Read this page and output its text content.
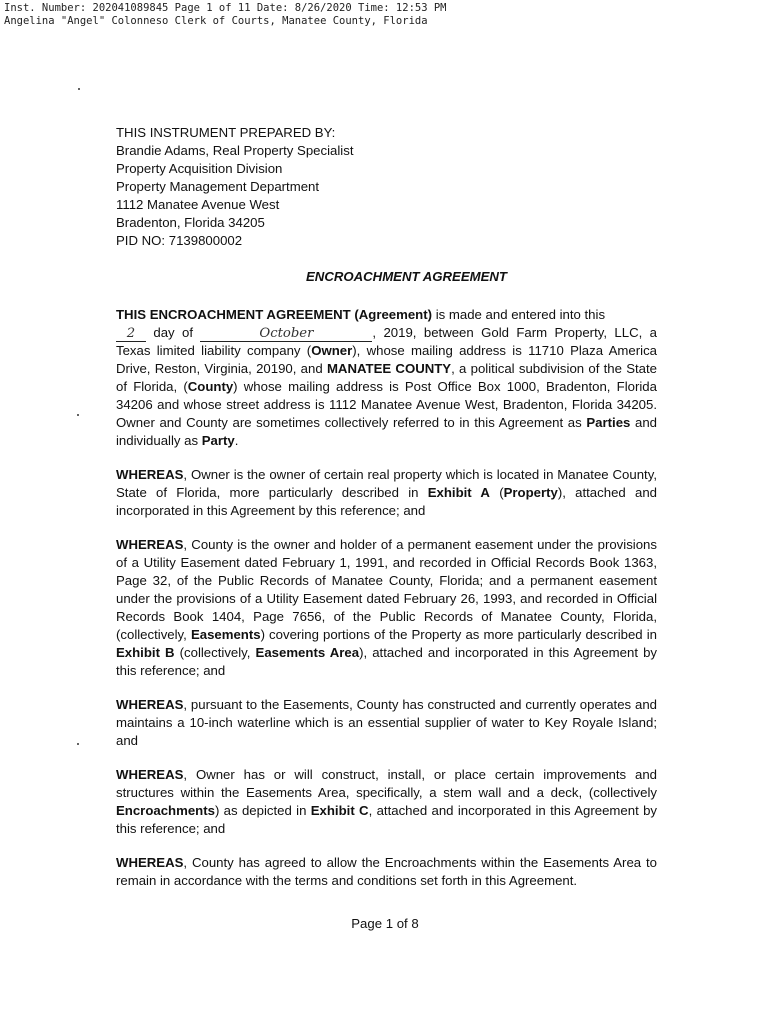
Inst. Number: 202041089845 Page 1 of 11 Date: 8/26/2020 Time: 12:53 PM
Angelina "Angel" Colonneso Clerk of Courts, Manatee County, Florida
THIS INSTRUMENT PREPARED BY:
Brandie Adams, Real Property Specialist
Property Acquisition Division
Property Management Department
1112 Manatee Avenue West
Bradenton, Florida 34205
PID NO: 7139800002
ENCROACHMENT AGREEMENT

THIS ENCROACHMENT AGREEMENT (Agreement) is made and entered into this
2 day of	October	, 2019, between Gold Farm Property, LLC, a Texas limited liability company (Owner), whose mailing address is 11710 Plaza America Drive, Reston, Virginia, 20190, and MANATEE COUNTY, a political subdivision of the State of Florida, (County) whose mailing address is Post Office Box 1000, Bradenton, Florida 34206 and whose street address is 1112 Manatee Avenue West, Bradenton, Florida 34205. Owner and County are sometimes collectively referred to in this Agreement as Parties and individually as Party.

WHEREAS, Owner is the owner of certain real property which is located in Manatee County, State of Florida, more particularly described in Exhibit A (Property), attached and incorporated in this Agreement by this reference; and

WHEREAS, County is the owner and holder of a permanent easement under the provisions of a Utility Easement dated February 1, 1991, and recorded in Official Records Book 1363, Page 32, of the Public Records of Manatee County, Florida; and a permanent easement under the provisions of a Utility Easement dated February 26, 1993, and recorded in Official Records Book 1404, Page 7656, of the Public Records of Manatee County, Florida, (collectively, Easements) covering portions of the Property as more particularly described in Exhibit B (collectively, Easements Area), attached and incorporated in this Agreement by this reference; and

WHEREAS, pursuant to the Easements, County has constructed and currently operates and maintains a 10-inch waterline which is an essential supplier of water to Key Royale Island; and

WHEREAS, Owner has or will construct, install, or place certain improvements and structures within the Easements Area, specifically, a stem wall and a deck, (collectively Encroachments) as depicted in Exhibit C, attached and incorporated in this Agreement by this reference; and

WHEREAS, County has agreed to allow the Encroachments within the Easements Area to remain in accordance with the terms and conditions set forth in this Agreement.

Page 1 of 8
